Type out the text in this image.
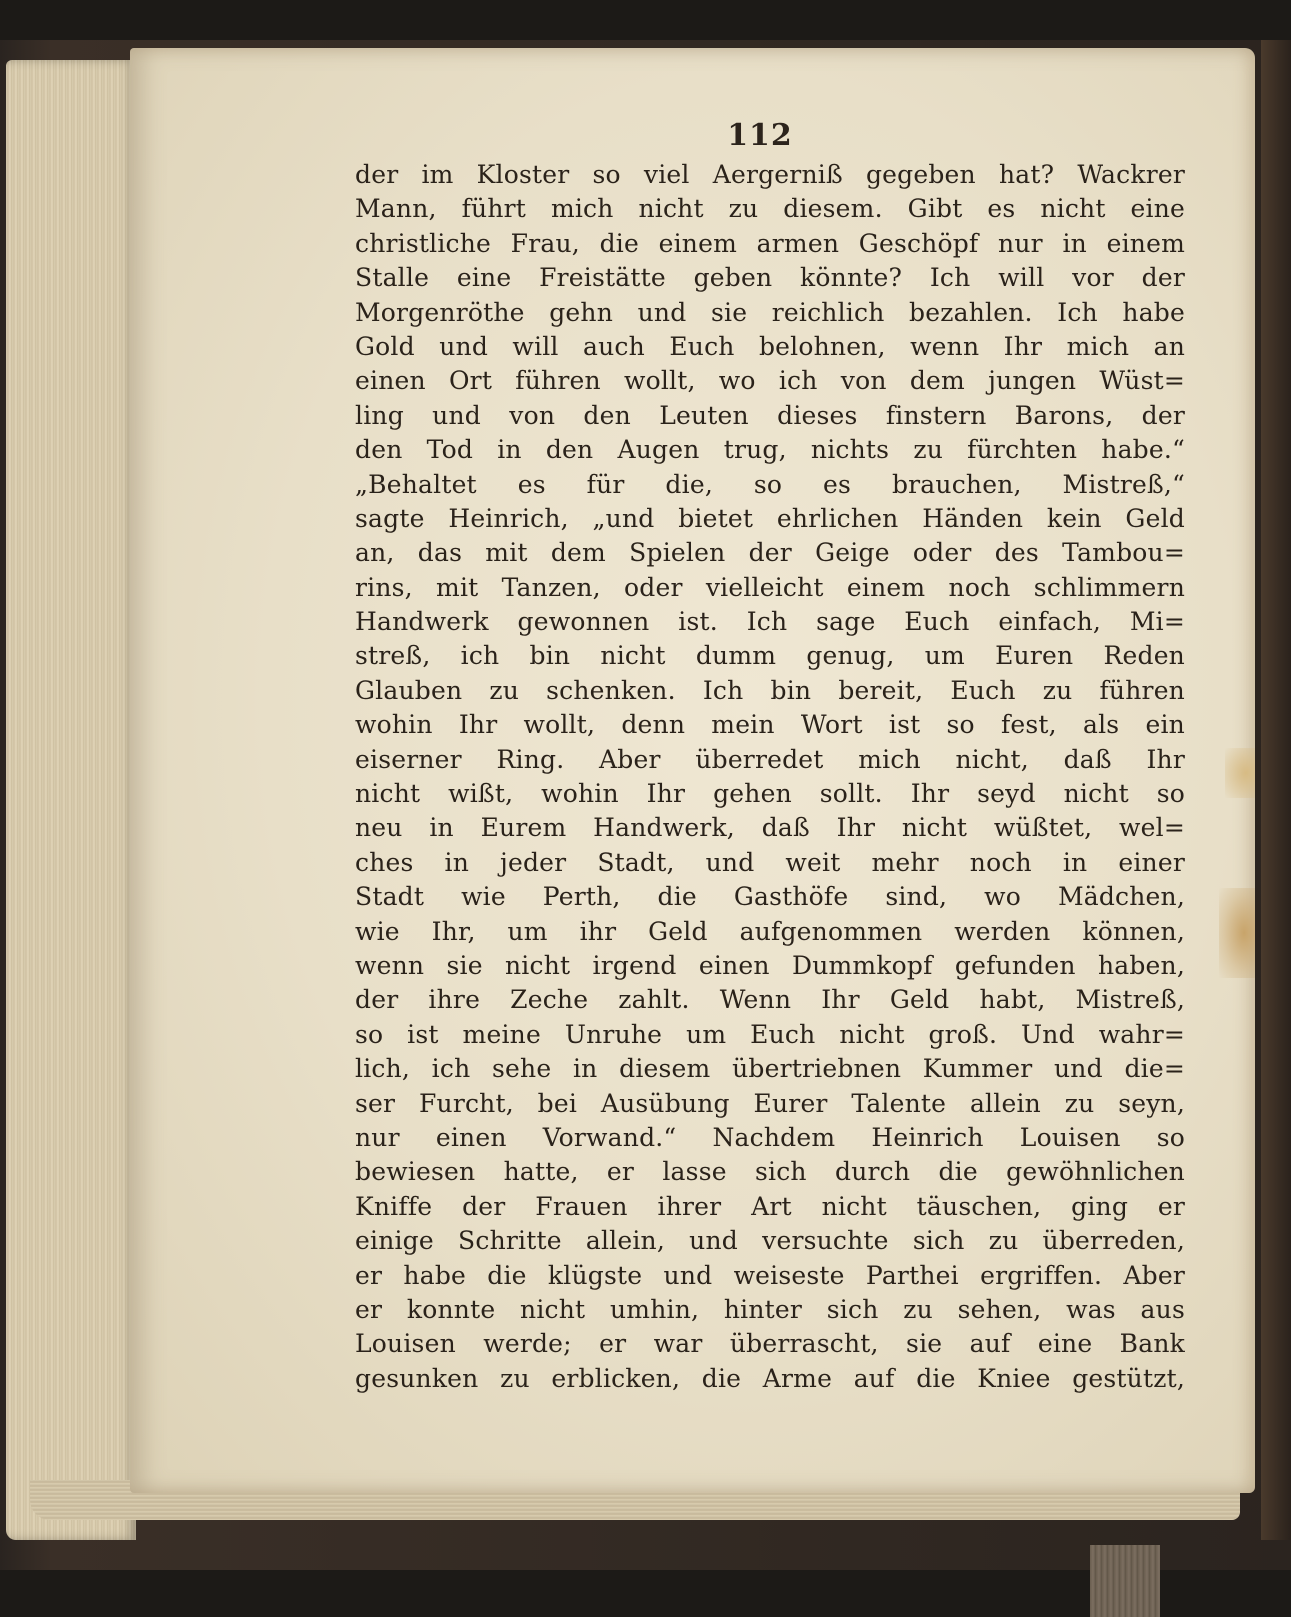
112
der im Kloster so viel Aergerniß gegeben hat? Wackrer
Mann, führt mich nicht zu diesem. Gibt es nicht eine
christliche Frau, die einem armen Geschöpf nur in einem
Stalle eine Freistätte geben könnte? Ich will vor der
Morgenröthe gehn und sie reichlich bezahlen. Ich habe
Gold und will auch Euch belohnen, wenn Ihr mich an
einen Ort führen wollt, wo ich von dem jungen Wüst=
ling und von den Leuten dieses finstern Barons, der
den Tod in den Augen trug, nichts zu fürchten habe.“
„Behaltet es für die, so es brauchen, Mistreß,“
sagte Heinrich, „und bietet ehrlichen Händen kein Geld
an, das mit dem Spielen der Geige oder des Tambou=
rins, mit Tanzen, oder vielleicht einem noch schlimmern
Handwerk gewonnen ist. Ich sage Euch einfach, Mi=
streß, ich bin nicht dumm genug, um Euren Reden
Glauben zu schenken. Ich bin bereit, Euch zu führen
wohin Ihr wollt, denn mein Wort ist so fest, als ein
eiserner Ring. Aber überredet mich nicht, daß Ihr
nicht wißt, wohin Ihr gehen sollt. Ihr seyd nicht so
neu in Eurem Handwerk, daß Ihr nicht wüßtet, wel=
ches in jeder Stadt, und weit mehr noch in einer
Stadt wie Perth, die Gasthöfe sind, wo Mädchen,
wie Ihr, um ihr Geld aufgenommen werden können,
wenn sie nicht irgend einen Dummkopf gefunden haben,
der ihre Zeche zahlt. Wenn Ihr Geld habt, Mistreß,
so ist meine Unruhe um Euch nicht groß. Und wahr=
lich, ich sehe in diesem übertriebnen Kummer und die=
ser Furcht, bei Ausübung Eurer Talente allein zu seyn,
nur einen Vorwand.“ Nachdem Heinrich Louisen so
bewiesen hatte, er lasse sich durch die gewöhnlichen
Kniffe der Frauen ihrer Art nicht täuschen, ging er
einige Schritte allein, und versuchte sich zu überreden,
er habe die klügste und weiseste Parthei ergriffen. Aber
er konnte nicht umhin, hinter sich zu sehen, was aus
Louisen werde; er war überrascht, sie auf eine Bank
gesunken zu erblicken, die Arme auf die Kniee gestützt,
